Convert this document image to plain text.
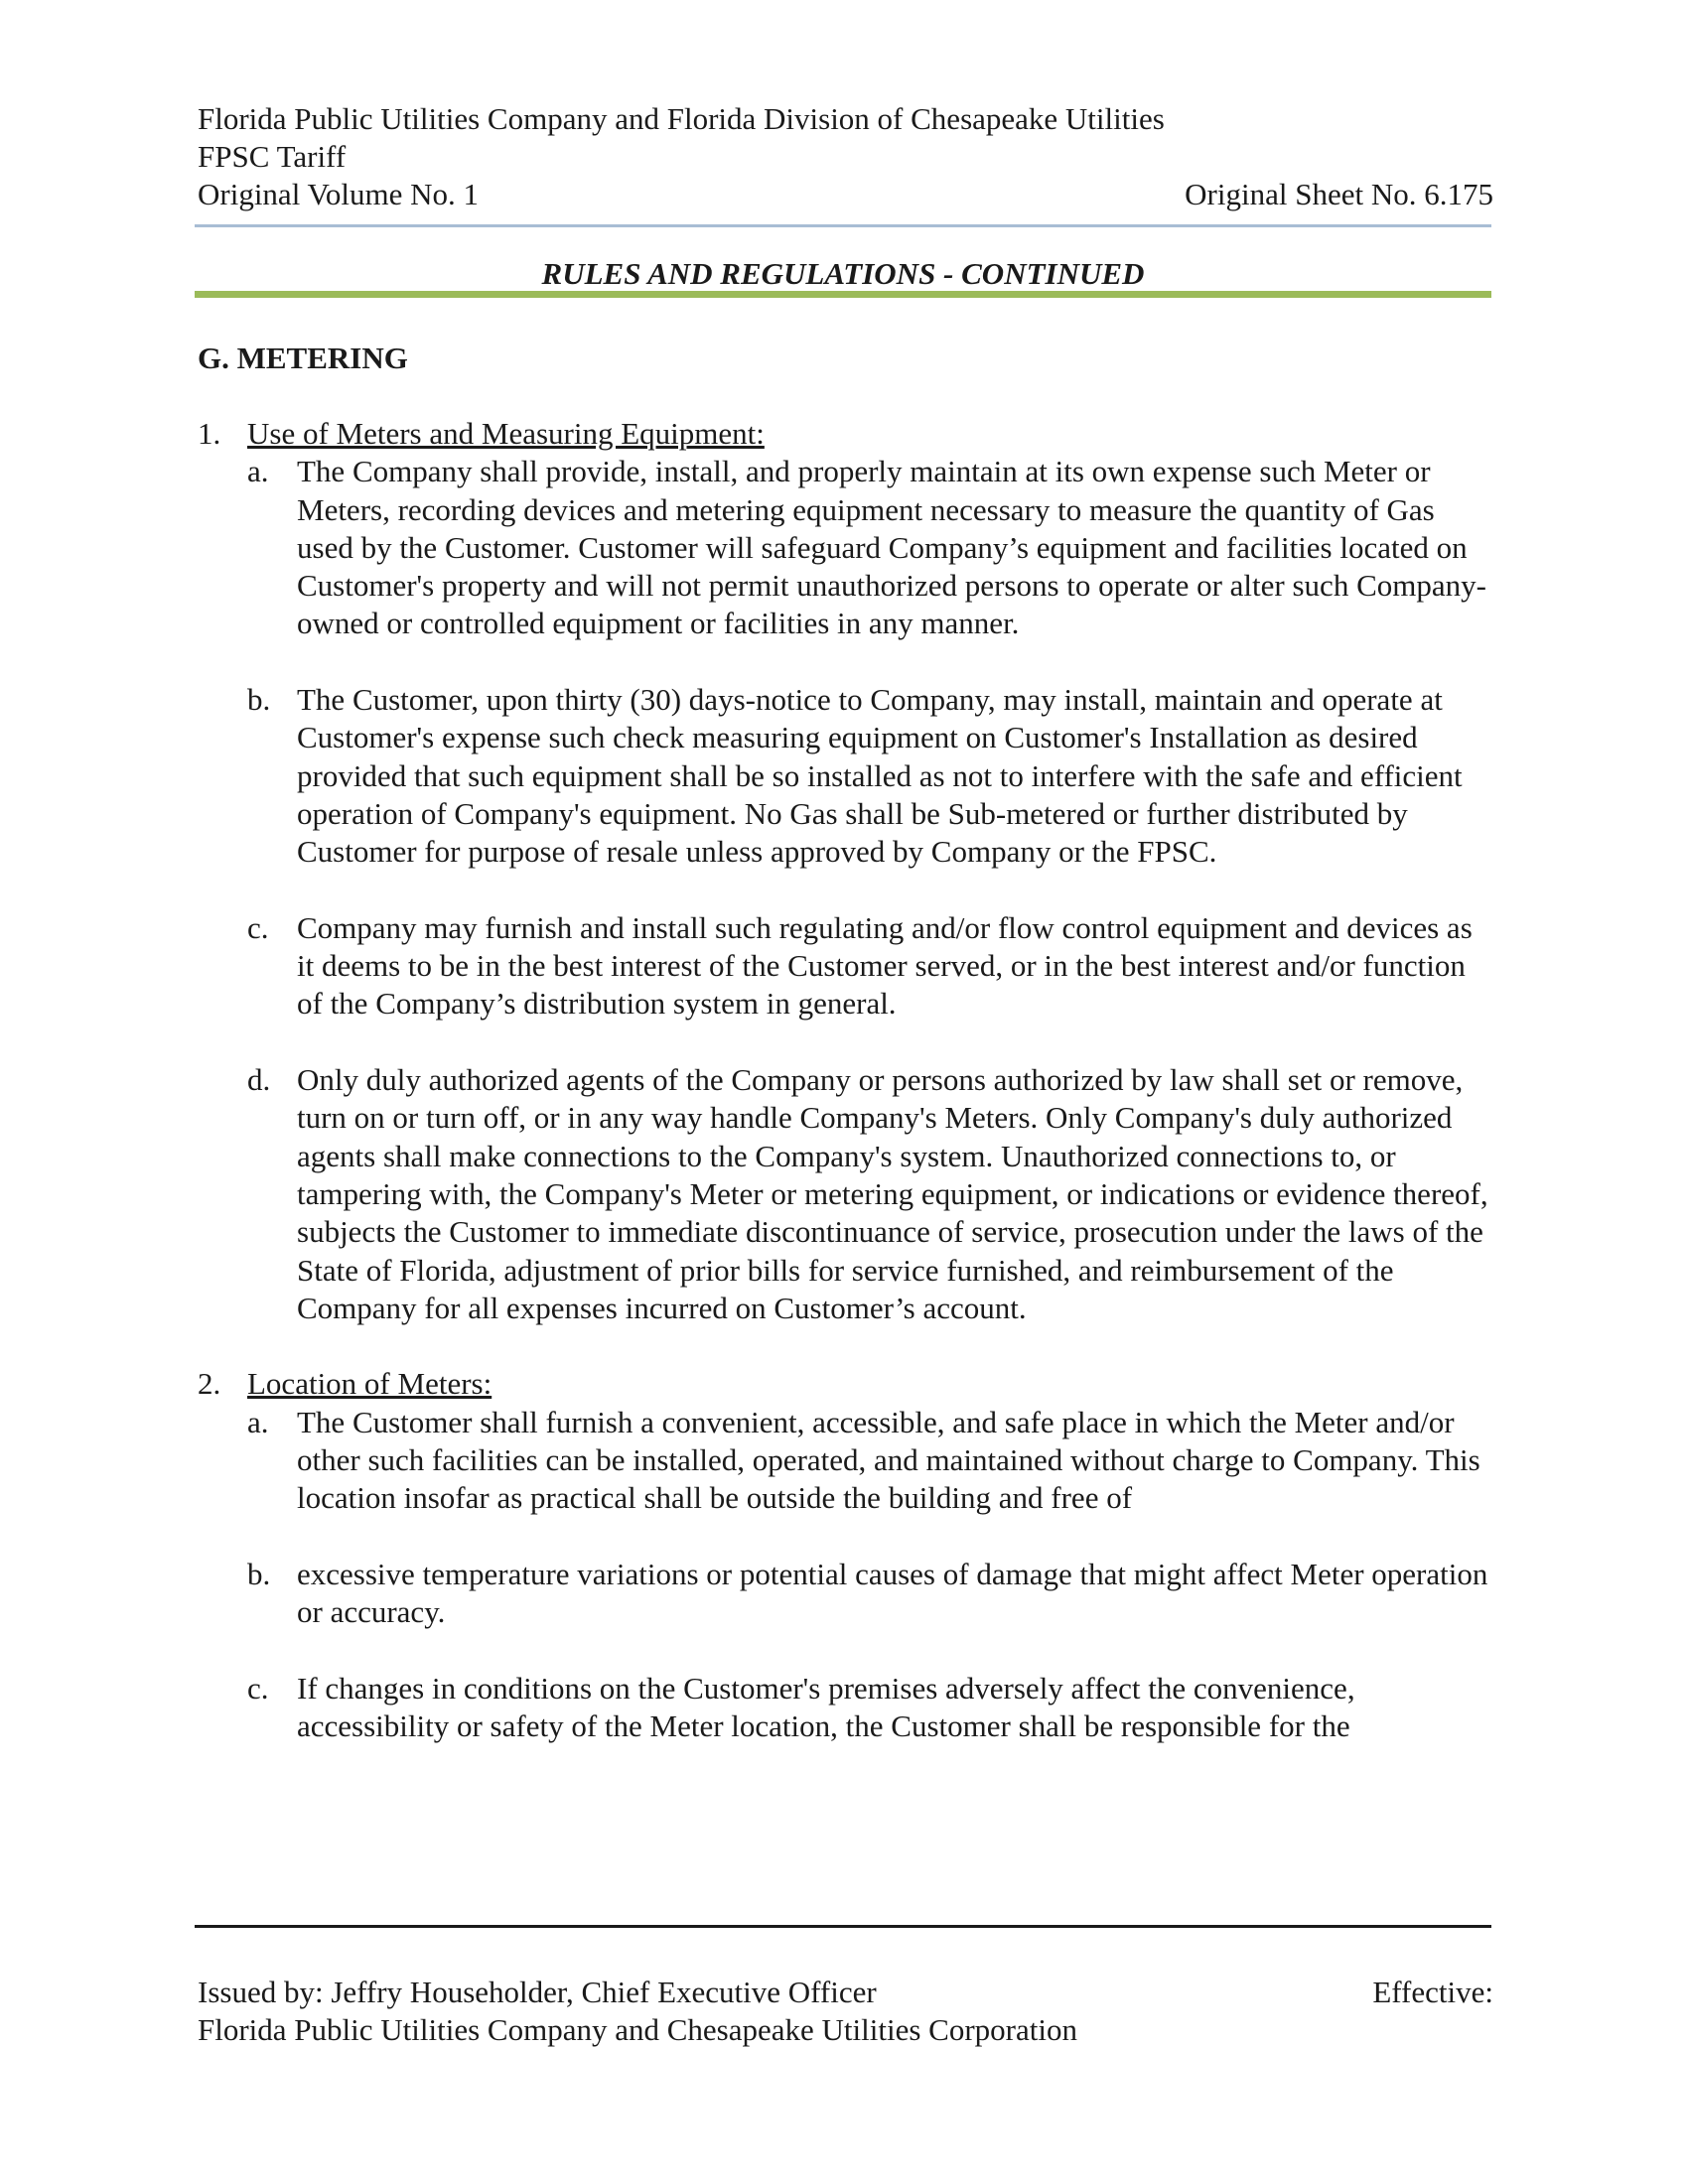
Florida Public Utilities Company and Florida Division of Chesapeake Utilities
FPSC Tariff
Original Volume No. 1	Original Sheet No. 6.175
RULES AND REGULATIONS - CONTINUED
G. METERING
1. Use of Meters and Measuring Equipment:
a. The Company shall provide, install, and properly maintain at its own expense such Meter or Meters, recording devices and metering equipment necessary to measure the quantity of Gas used by the Customer. Customer will safeguard Company’s equipment and facilities located on Customer's property and will not permit unauthorized persons to operate or alter such Company-owned or controlled equipment or facilities in any manner.
b. The Customer, upon thirty (30) days-notice to Company, may install, maintain and operate at Customer's expense such check measuring equipment on Customer's Installation as desired provided that such equipment shall be so installed as not to interfere with the safe and efficient operation of Company's equipment. No Gas shall be Sub-metered or further distributed by Customer for purpose of resale unless approved by Company or the FPSC.
c. Company may furnish and install such regulating and/or flow control equipment and devices as it deems to be in the best interest of the Customer served, or in the best interest and/or function of the Company’s distribution system in general.
d. Only duly authorized agents of the Company or persons authorized by law shall set or remove, turn on or turn off, or in any way handle Company's Meters. Only Company's duly authorized agents shall make connections to the Company's system. Unauthorized connections to, or tampering with, the Company's Meter or metering equipment, or indications or evidence thereof, subjects the Customer to immediate discontinuance of service, prosecution under the laws of the State of Florida, adjustment of prior bills for service furnished, and reimbursement of the Company for all expenses incurred on Customer’s account.
2. Location of Meters:
a. The Customer shall furnish a convenient, accessible, and safe place in which the Meter and/or other such facilities can be installed, operated, and maintained without charge to Company. This location insofar as practical shall be outside the building and free of
b. excessive temperature variations or potential causes of damage that might affect Meter operation or accuracy.
c. If changes in conditions on the Customer's premises adversely affect the convenience, accessibility or safety of the Meter location, the Customer shall be responsible for the
Issued by: Jeffry Householder, Chief Executive Officer	Effective:
Florida Public Utilities Company and Chesapeake Utilities Corporation
